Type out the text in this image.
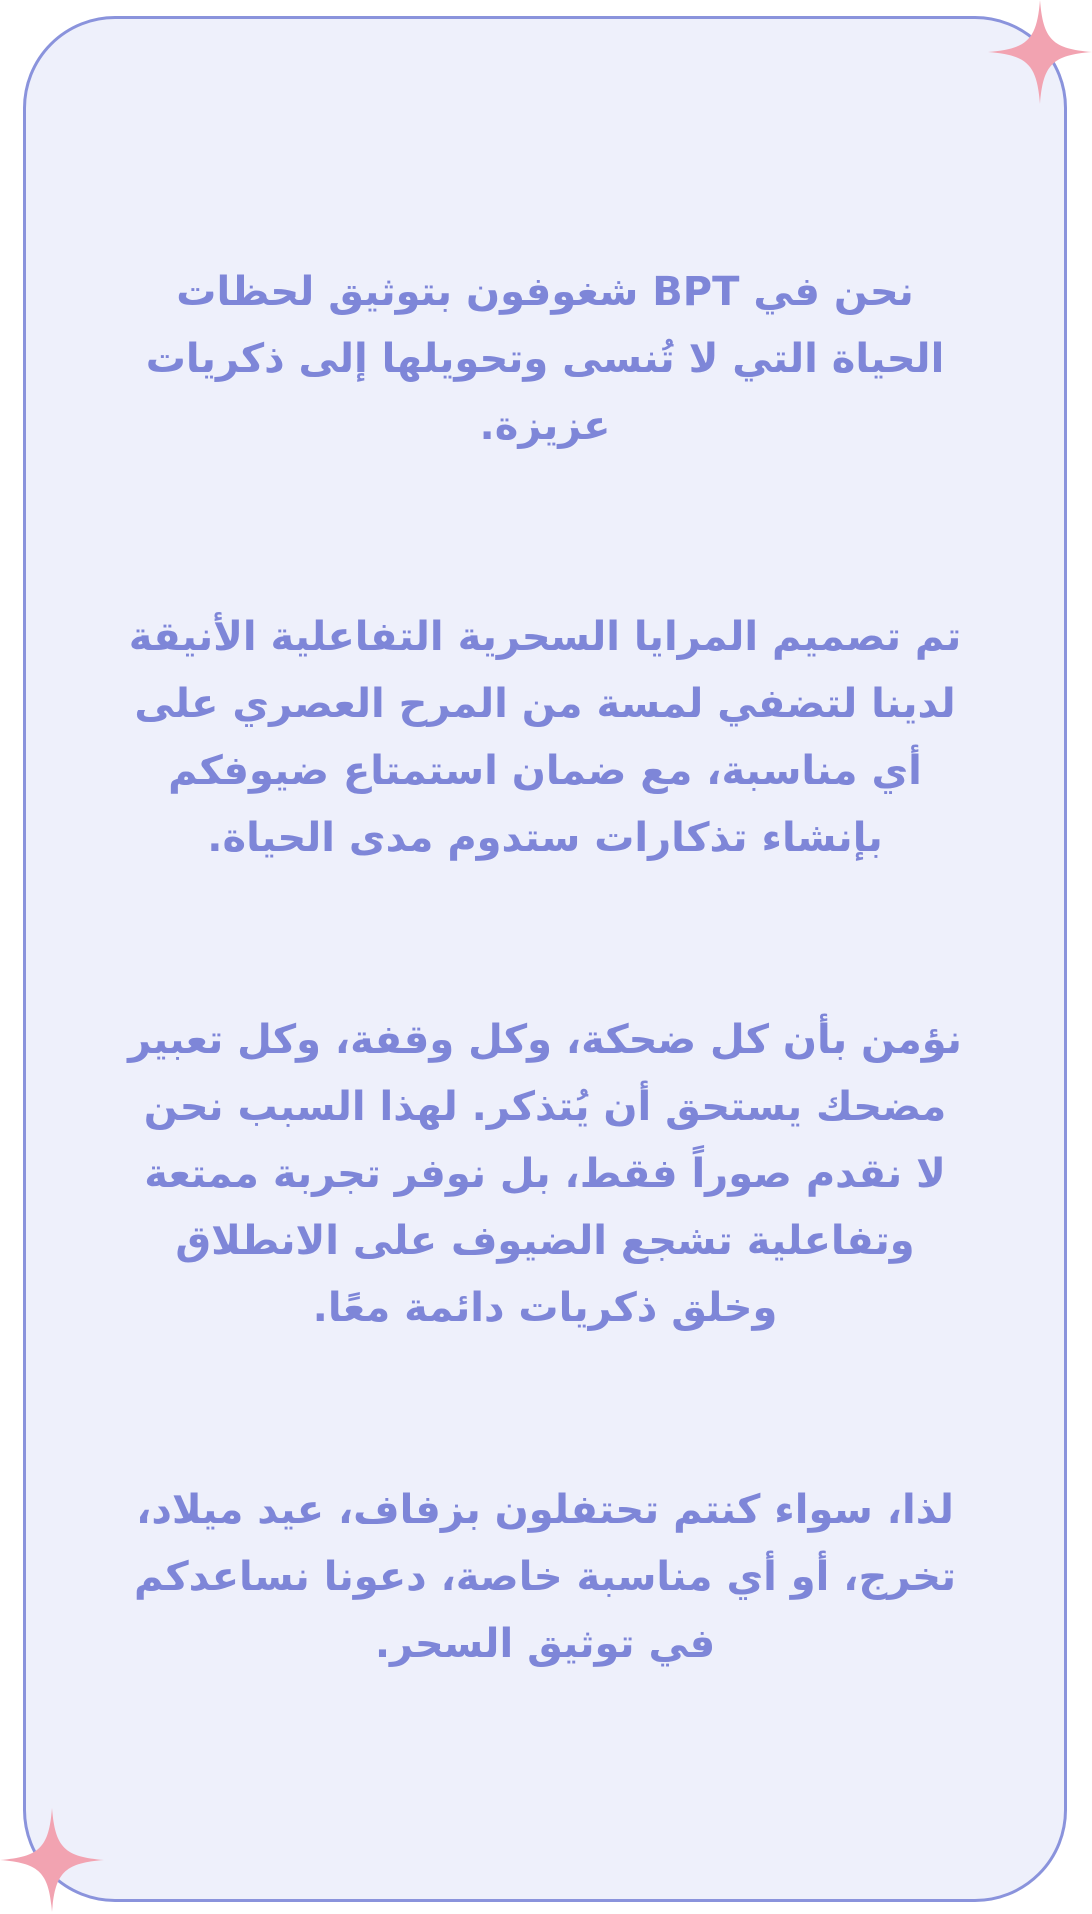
نحن في BPT شغوفون بتوثيق لحظات الحياة التي لا تُنسى وتحويلها إلى ذكريات عزيزة.

تم تصميم المرايا السحرية التفاعلية الأنيقة لدينا لتضفي لمسة من المرح العصري على أي مناسبة، مع ضمان استمتاع ضيوفكم بإنشاء تذكارات ستدوم مدى الحياة.

نؤمن بأن كل ضحكة، وكل وقفة، وكل تعبير مضحك يستحق أن يُتذكر. لهذا السبب نحن لا نقدم صوراً فقط، بل نوفر تجربة ممتعة وتفاعلية تشجع الضيوف على الانطلاق وخلق ذكريات دائمة معًا.

لذا، سواء كنتم تحتفلون بزفاف، عيد ميلاد، تخرج، أو أي مناسبة خاصة، دعونا نساعدكم في توثيق السحر.
